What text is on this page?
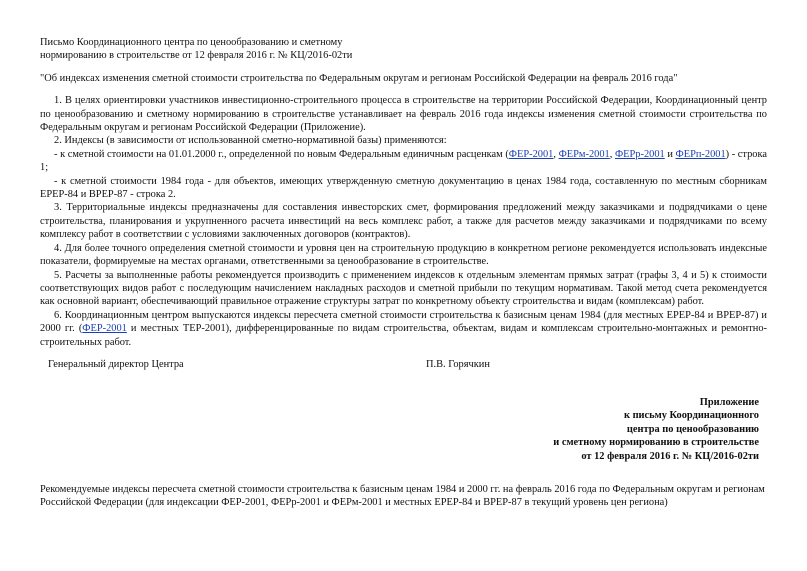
Письмо Координационного центра по ценообразованию и сметному
нормированию в строительстве от 12 февраля 2016 г. № КЦ/2016-02ти
"Об индексах изменения сметной стоимости строительства по Федеральным округам и регионам Российской Федерации на февраль 2016 года"

1. В целях ориентировки участников инвестиционно-строительного процесса в строительстве на территории Российской Федерации, Координационный центр по ценообразованию и сметному нормированию в строительстве устанавливает на февраль 2016 года индексы изменения сметной стоимости строительства по Федеральным округам и регионам Российской Федерации (Приложение).

2. Индексы (в зависимости от использованной сметно-нормативной базы) применяются:

- к сметной стоимости на 01.01.2000 г., определенной по новым Федеральным единичным расценкам (ФЕР-2001, ФЕРм-2001, ФЕРр-2001 и ФЕРп-2001) - строка 1;

- к сметной стоимости 1984 года - для объектов, имеющих утвержденную сметную документацию в ценах 1984 года, составленную по местным сборникам ЕРЕР-84 и ВРЕР-87 - строка 2.

3. Территориальные индексы предназначены для составления инвесторских смет, формирования предложений между заказчиками и подрядчиками о цене строительства, планирования и укрупненного расчета инвестиций на весь комплекс работ, а также для расчетов между заказчиками и подрядчиками по всему комплексу работ в соответствии с условиями заключенных договоров (контрактов).

4. Для более точного определения сметной стоимости и уровня цен на строительную продукцию в конкретном регионе рекомендуется использовать индексные показатели, формируемые на местах органами, ответственными за ценообразование в строительстве.

5. Расчеты за выполненные работы рекомендуется производить с применением индексов к отдельным элементам прямых затрат (графы 3, 4 и 5) к стоимости соответствующих видов работ с последующим начислением накладных расходов и сметной прибыли по текущим нормативам. Такой метод счета рекомендуется как основной вариант, обеспечивающий правильное отражение структуры затрат по конкретному объекту строительства и видам (комплексам) работ.

6. Координационным центром выпускаются индексы пересчета сметной стоимости строительства к базисным ценам 1984 (для местных ЕРЕР-84 и ВРЕР-87) и 2000 гг. (ФЕР-2001 и местных ТЕР-2001), дифференцированные по видам строительства, объектам, видам и комплексам строительно-монтажных и ремонтно-строительных работ.

Генеральный директор Центра	П.В. Горячкин
Приложение
к письму Координационного
центра по ценообразованию
и сметному нормированию в строительстве
от 12 февраля 2016 г. № КЦ/2016-02ти
Рекомендуемые индексы пересчета сметной стоимости строительства к базисным ценам 1984 и 2000 гг. на февраль 2016 года по Федеральным округам и регионам Российской Федерации (для индексации ФЕР-2001, ФЕРр-2001 и ФЕРм-2001 и местных ЕРЕР-84 и ВРЕР-87 в текущий уровень цен региона)
